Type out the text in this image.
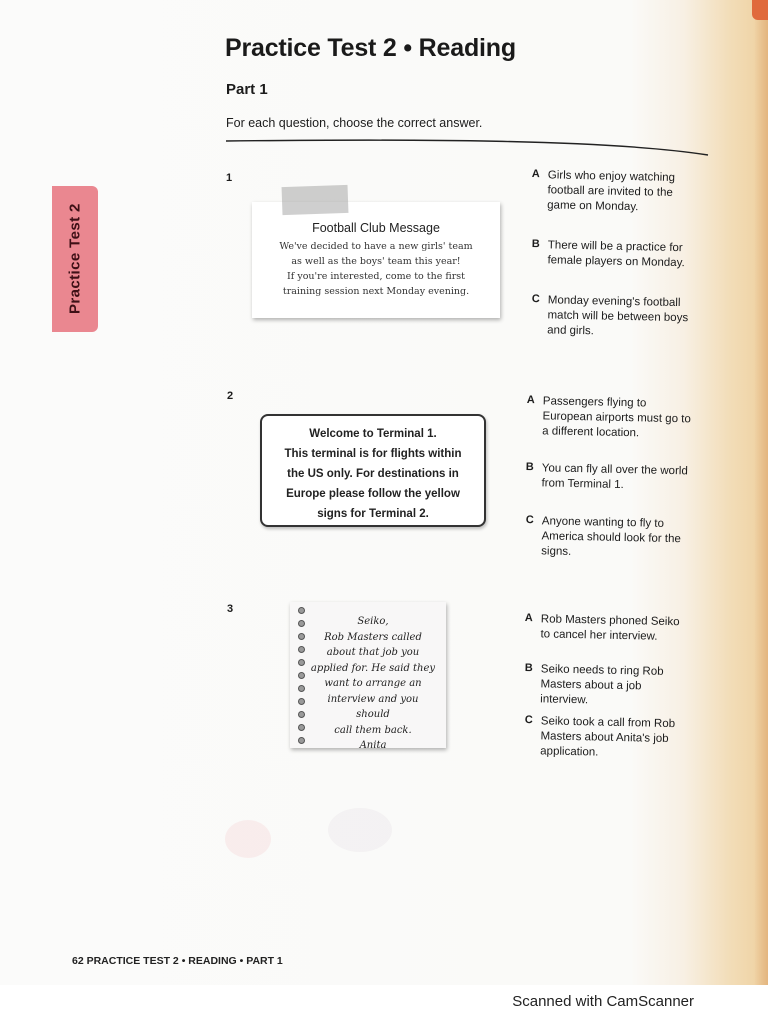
Practice Test 2 • Reading
Part 1

For each question, choose the correct answer.

Practice Test 2
1
Football Club Message
We've decided to have a new girls' team
as well as the boys' team this year!
If you're interested, come to the first
training session next Monday evening.
A Girls who enjoy watching football are invited to the game on Monday.

B There will be a practice for female players on Monday.

C Monday evening's football match will be between boys and girls.

2
Welcome to Terminal 1.
This terminal is for flights within
the US only. For destinations in
Europe please follow the yellow
signs for Terminal 2.
A Passengers flying to European airports must go to a different location.

B You can fly all over the world from Terminal 1.

C Anyone wanting to fly to America should look for the signs.

3
Seiko,
Rob Masters called
about that job you
applied for. He said they
want to arrange an
interview and you should
call them back.
Anita
A Rob Masters phoned Seiko to cancel her interview.

B Seiko needs to ring Rob Masters about a job interview.

C Seiko took a call from Rob Masters about Anita's job application.

62 PRACTICE TEST 2 • READING • PART 1

Scanned with CamScanner
